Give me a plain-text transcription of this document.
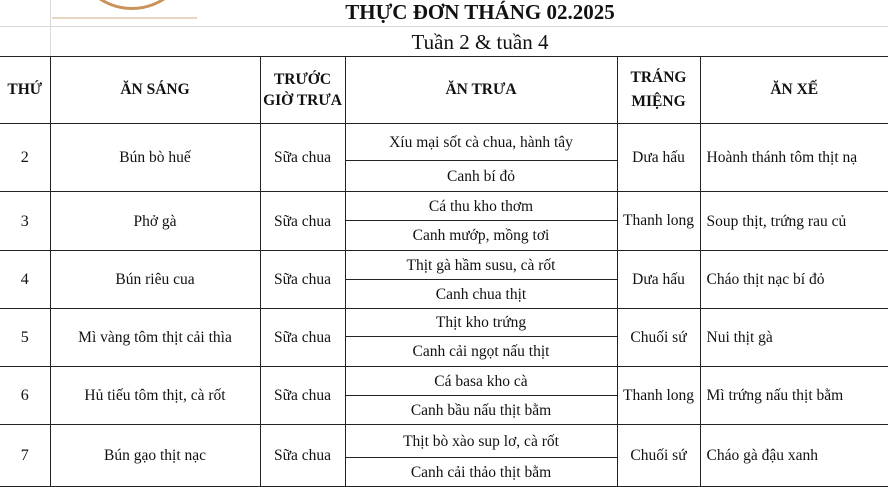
THỰC ĐƠN THÁNG 02.2025
Tuần 2 & tuần 4
THỨ	ĂN SÁNG	TRƯỚC GIỜ TRƯA	ĂN TRƯA	TRÁNG MIỆNG	ĂN XẾ
2	Bún bò huế	Sữa chua	Xíu mại sốt cà chua, hành tây	Dưa hấu	Hoành thánh tôm thịt nạ
			Canh bí đỏ		
3	Phở gà	Sữa chua	Cá thu kho thơm	Thanh long	Soup thịt, trứng rau củ
			Canh mướp, mồng tơi		
4	Bún riêu cua	Sữa chua	Thịt gà hầm susu, cà rốt	Dưa hấu	Cháo thịt nạc bí đỏ
			Canh chua thịt		
5	Mì vàng tôm thịt cải thìa	Sữa chua	Thịt kho trứng	Chuối sứ	Nui thịt gà
			Canh cải ngọt nấu thịt		
6	Hủ tiếu tôm thịt, cà rốt	Sữa chua	Cá basa kho cà	Thanh long	Mì trứng nấu thịt bằm
			Canh bầu nấu thịt bằm		
7	Bún gạo thịt nạc	Sữa chua	Thịt bò xào sup lơ, cà rốt	Chuối sứ	Cháo gà đậu xanh
			Canh cải thảo thịt bằm		
